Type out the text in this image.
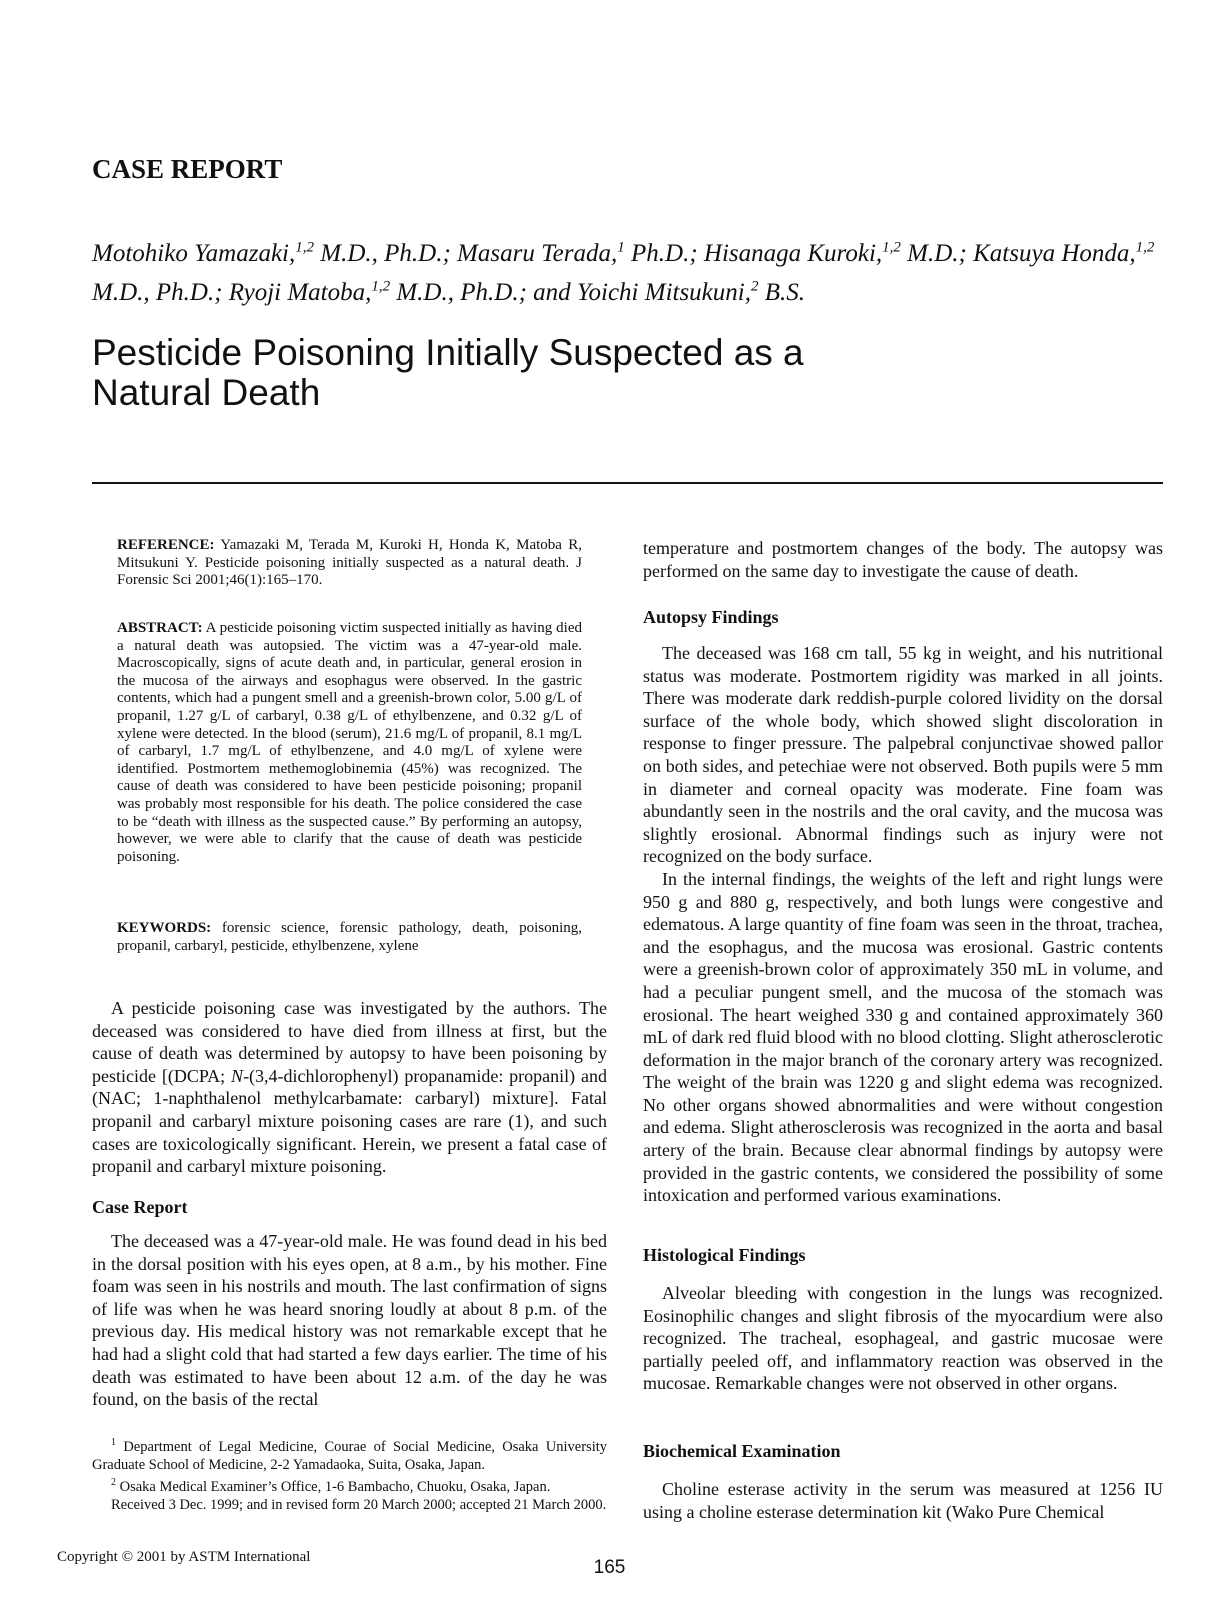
CASE REPORT

Motohiko Yamazaki,$^{1,2}$ M.D., Ph.D.; Masaru Terada,$^1$ Ph.D.; Hisanaga Kuroki,$^{1,2}$ M.D.; Katsuya Honda,$^{1,2}$ M.D., Ph.D.; Ryoji Matoba,$^{1,2}$ M.D., Ph.D.; and Yoichi Mitsukuni,$^2$ B.S.

Pesticide Poisoning Initially Suspected as a
Natural Death

REFERENCE: Yamazaki M, Terada M, Kuroki H, Honda K, Matoba R, Mitsukuni Y. Pesticide poisoning initially suspected as a natural death. J Forensic Sci 2001;46(1):165–170.

ABSTRACT: A pesticide poisoning victim suspected initially as having died a natural death was autopsied. The victim was a 47-year-old male. Macroscopically, signs of acute death and, in particular, general erosion in the mucosa of the airways and esophagus were observed. In the gastric contents, which had a pungent smell and a greenish-brown color, 5.00 g/L of propanil, 1.27 g/L of carbaryl, 0.38 g/L of ethylbenzene, and 0.32 g/L of xylene were detected. In the blood (serum), 21.6 mg/L of propanil, 8.1 mg/L of carbaryl, 1.7 mg/L of ethylbenzene, and 4.0 mg/L of xylene were identified. Postmortem methemoglobinemia (45%) was recognized. The cause of death was considered to have been pesticide poisoning; propanil was probably most responsible for his death. The police considered the case to be “death with illness as the suspected cause.” By performing an autopsy, however, we were able to clarify that the cause of death was pesticide poisoning.

KEYWORDS: forensic science, forensic pathology, death, poisoning, propanil, carbaryl, pesticide, ethylbenzene, xylene

A pesticide poisoning case was investigated by the authors. The deceased was considered to have died from illness at first, but the cause of death was determined by autopsy to have been poisoning by pesticide [(DCPA; N-(3,4-dichlorophenyl) propanamide: propanil) and (NAC; 1-naphthalenol methylcarbamate: carbaryl) mixture]. Fatal propanil and carbaryl mixture poisoning cases are rare (1), and such cases are toxicologically significant. Herein, we present a fatal case of propanil and carbaryl mixture poisoning.

Case Report

The deceased was a 47-year-old male. He was found dead in his bed in the dorsal position with his eyes open, at 8 a.m., by his mother. Fine foam was seen in his nostrils and mouth. The last confirmation of signs of life was when he was heard snoring loudly at about 8 p.m. of the previous day. His medical history was not remarkable except that he had had a slight cold that had started a few days earlier. The time of his death was estimated to have been about 12 a.m. of the day he was found, on the basis of the rectal

temperature and postmortem changes of the body. The autopsy was performed on the same day to investigate the cause of death.

Autopsy Findings

The deceased was 168 cm tall, 55 kg in weight, and his nutritional status was moderate. Postmortem rigidity was marked in all joints. There was moderate dark reddish-purple colored lividity on the dorsal surface of the whole body, which showed slight discoloration in response to finger pressure. The palpebral conjunctivae showed pallor on both sides, and petechiae were not observed. Both pupils were 5 mm in diameter and corneal opacity was moderate. Fine foam was abundantly seen in the nostrils and the oral cavity, and the mucosa was slightly erosional. Abnormal findings such as injury were not recognized on the body surface.

In the internal findings, the weights of the left and right lungs were 950 g and 880 g, respectively, and both lungs were congestive and edematous. A large quantity of fine foam was seen in the throat, trachea, and the esophagus, and the mucosa was erosional. Gastric contents were a greenish-brown color of approximately 350 mL in volume, and had a peculiar pungent smell, and the mucosa of the stomach was erosional. The heart weighed 330 g and contained approximately 360 mL of dark red fluid blood with no blood clotting. Slight atherosclerotic deformation in the major branch of the coronary artery was recognized. The weight of the brain was 1220 g and slight edema was recognized. No other organs showed abnormalities and were without congestion and edema. Slight atherosclerosis was recognized in the aorta and basal artery of the brain. Because clear abnormal findings by autopsy were provided in the gastric contents, we considered the possibility of some intoxication and performed various examinations.

Histological Findings

Alveolar bleeding with congestion in the lungs was recognized. Eosinophilic changes and slight fibrosis of the myocardium were also recognized. The tracheal, esophageal, and gastric mucosae were partially peeled off, and inflammatory reaction was observed in the mucosae. Remarkable changes were not observed in other organs.

Biochemical Examination

Choline esterase activity in the serum was measured at 1256 IU using a choline esterase determination kit (Wako Pure Chemical

$^1$ Department of Legal Medicine, Courae of Social Medicine, Osaka University Graduate School of Medicine, 2-2 Yamadaoka, Suita, Osaka, Japan.

$^2$ Osaka Medical Examiner’s Office, 1-6 Bambacho, Chuoku, Osaka, Japan.

Received 3 Dec. 1999; and in revised form 20 March 2000; accepted 21 March 2000.

Copyright © 2001 by ASTM International	165
